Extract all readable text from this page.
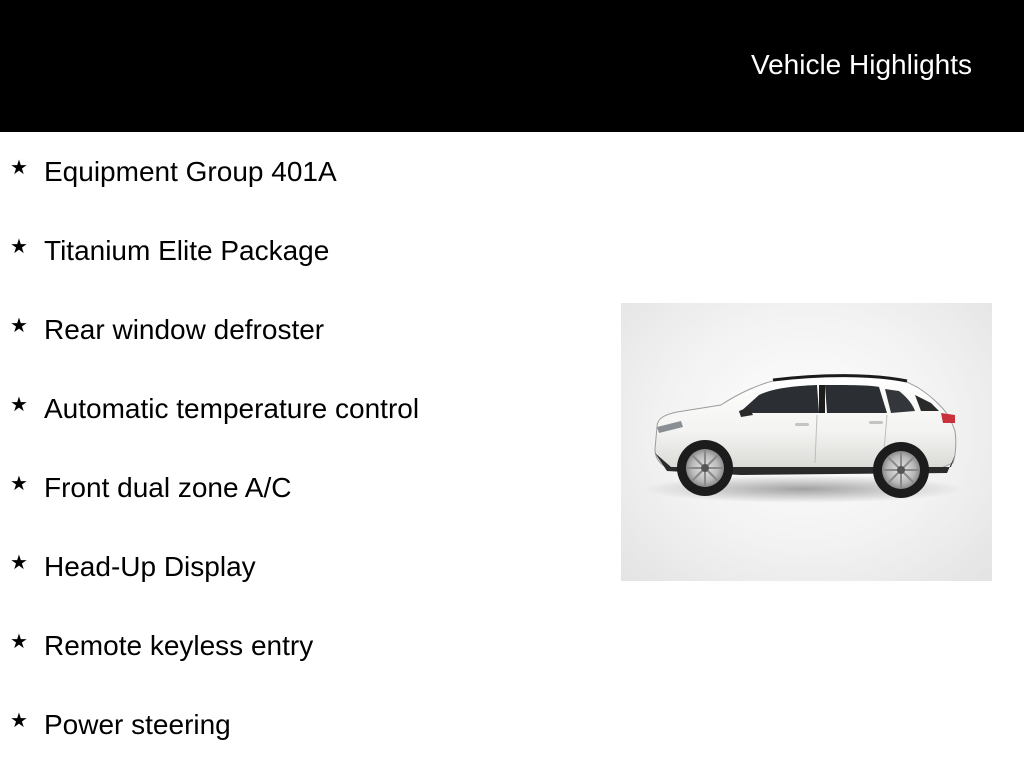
Vehicle Highlights
★ Equipment Group 401A
★ Titanium Elite Package
★ Rear window defroster
★ Automatic temperature control
★ Front dual zone A/C
★ Head-Up Display
★ Remote keyless entry
★ Power steering
